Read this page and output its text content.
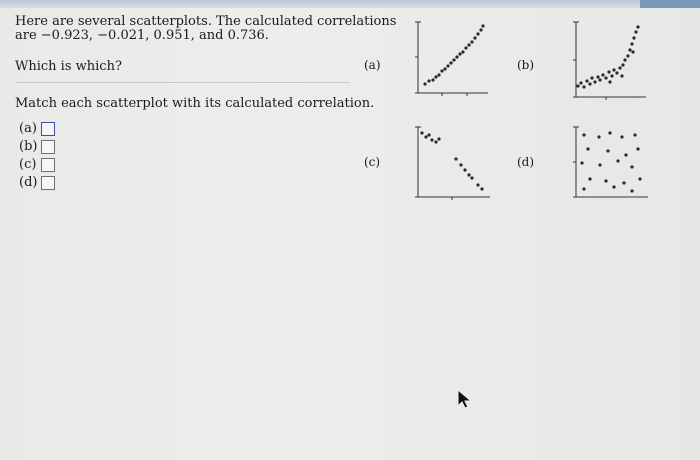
Here are several scatterplots. The calculated correlations
are −0.923, −0.021, 0.951, and 0.736.
Which is which?
Match each scatterplot with its calculated correlation.
(a)
(b)
(c)
(d)
(a)	(b)
(c)	(d)
